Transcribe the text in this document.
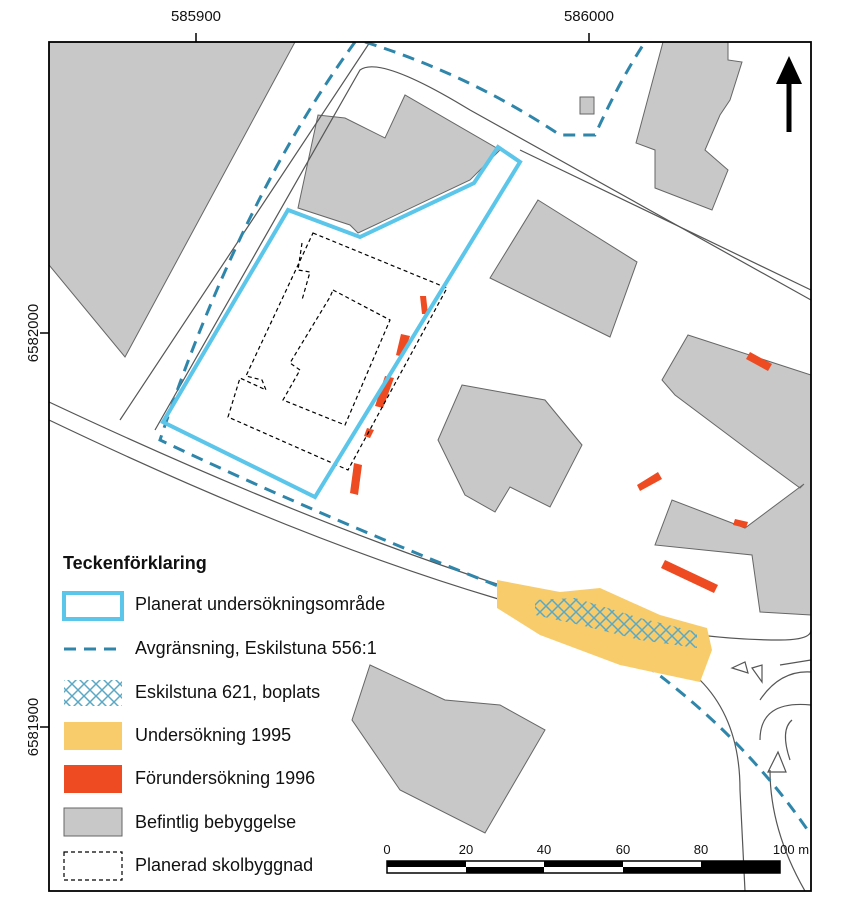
585900	586000
6582000
6581900
Teckenförklaring
Planerat undersökningsområde
Avgränsning, Eskilstuna 556:1
Eskilstuna 621, boplats
Undersökning 1995
Förundersökning 1996
Befintlig bebyggelse
Planerad skolbyggnad
0	20	40	60	80	100 m
